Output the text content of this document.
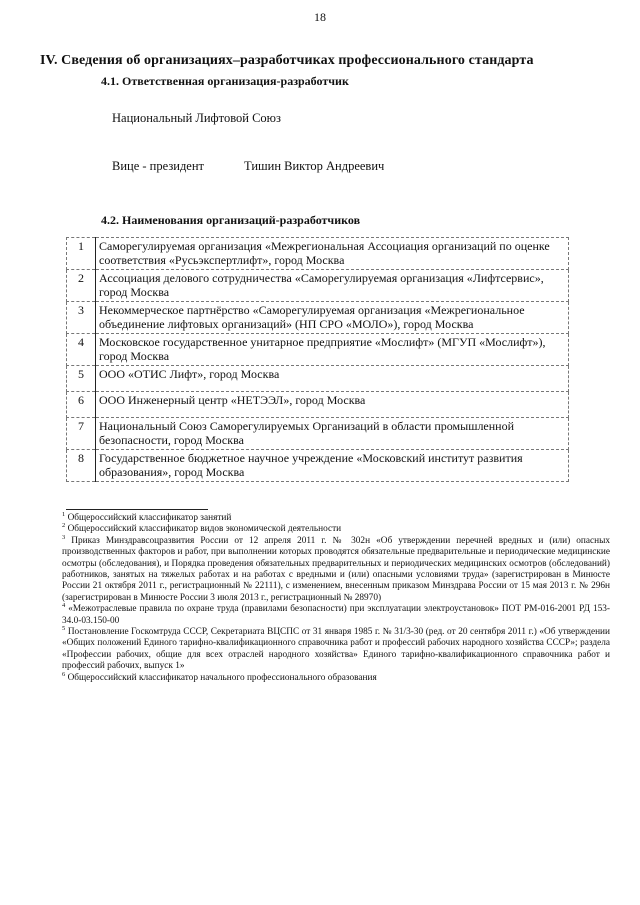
18
IV. Сведения об организациях–разработчиках профессионального стандарта
4.1. Ответственная организация-разработчик
Национальный Лифтовой Союз
Вице - президент	Тишин Виктор Андреевич
4.2. Наименования организаций-разработчиков
1	Саморегулируемая организация «Межрегиональная Ассоциация организаций по оценке соответствия «Русьэкспертлифт», город Москва
2	Ассоциация делового сотрудничества «Саморегулируемая организация «Лифтсервис», город Москва
3	Некоммерческое партнёрство «Саморегулируемая организация «Межрегиональное объединение лифтовых организаций» (НП СРО «МОЛО»), город Москва
4	Московское государственное унитарное предприятие «Мослифт» (МГУП «Мослифт»), город Москва
5	ООО «ОТИС Лифт», город Москва
6	ООО Инженерный центр «НЕТЭЭЛ», город Москва
7	Национальный Союз Саморегулируемых Организаций в области промышленной безопасности, город Москва
8	Государственное бюджетное научное учреждение «Московский институт развития образования», город Москва

$^1$ Общероссийский классификатор занятий

$^2$ Общероссийский классификатор видов экономической деятельности

$^3$ Приказ Минздравсоцразвития России от 12 апреля 2011 г. № 302н «Об утверждении перечней вредных и (или) опасных производственных факторов и работ, при выполнении которых проводятся обязательные предварительные и периодические медицинские осмотры (обследования), и Порядка проведения обязательных предварительных и периодических медицинских осмотров (обследований) работников, занятых на тяжелых работах и на работах с вредными и (или) опасными условиями труда» (зарегистрирован в Минюсте России 21 октября 2011 г., регистрационный № 22111), с изменением, внесенным приказом Минздрава России от 15 мая 2013 г. № 296н (зарегистрирован в Минюсте России 3 июля 2013 г., регистрационный № 28970)

$^4$ «Межотраслевые правила по охране труда (правилами безопасности) при эксплуатации электроустановок» ПОТ РМ-016-2001 РД 153-34.0-03.150-00

$^5$ Постановление Госкомтруда СССР, Секретариата ВЦСПС от 31 января 1985 г. № 31/3-30 (ред. от 20 сентября 2011 г.) «Об утверждении «Общих положений Единого тарифно-квалификационного справочника работ и профессий рабочих народного хозяйства СССР»; раздела «Профессии рабочих, общие для всех отраслей народного хозяйства» Единого тарифно-квалификационного справочника работ и профессий рабочих, выпуск 1»

$^6$ Общероссийский классификатор начального профессионального образования
